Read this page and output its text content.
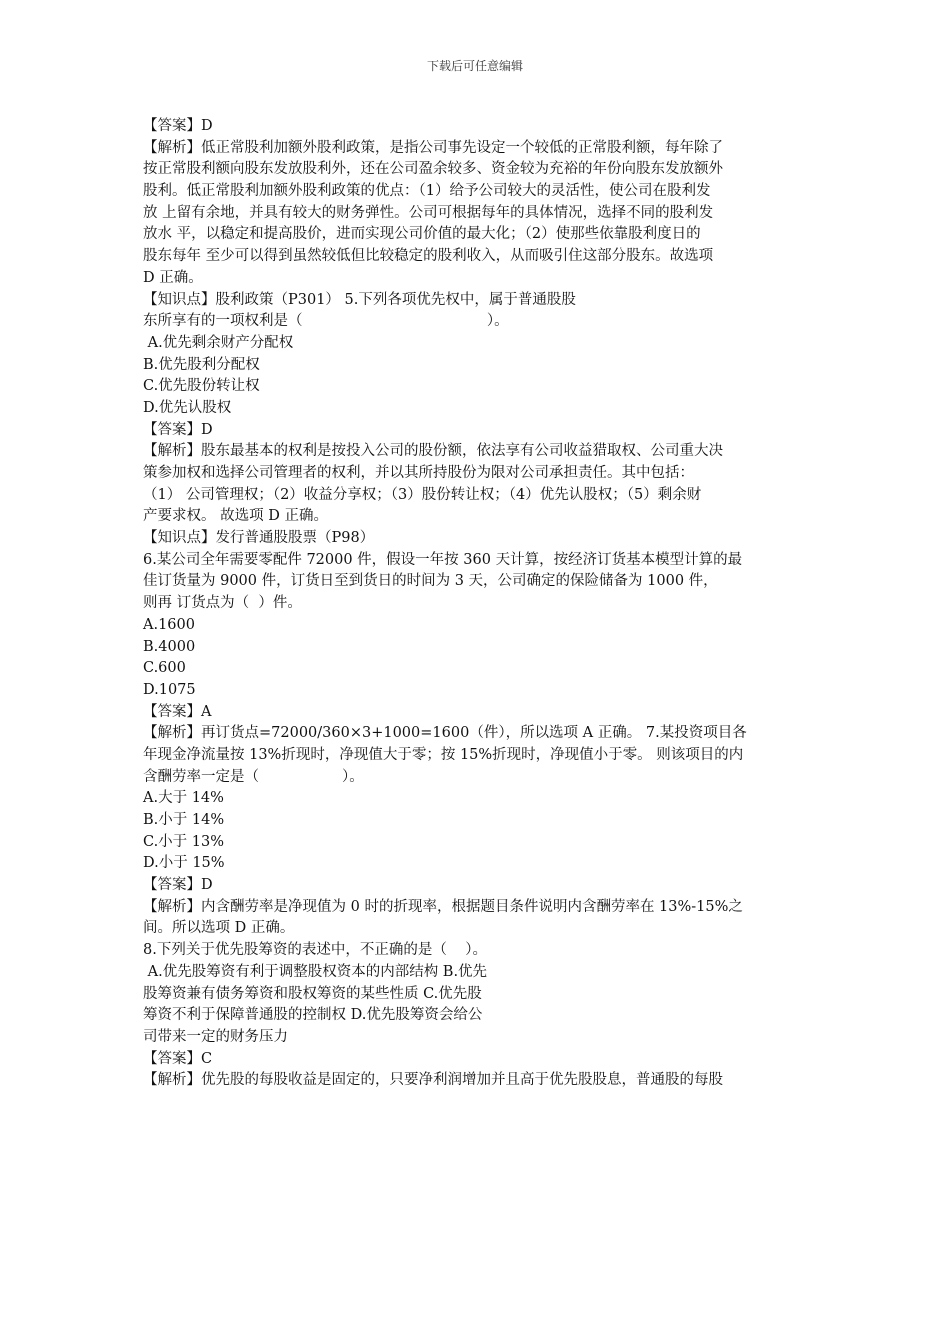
下载后可任意编辑
【答案】D
【解析】低正常股利加额外股利政策，是指公司事先设定一个较低的正常股利额，每年除了
按正常股利额向股东发放股利外，还在公司盈余较多、资金较为充裕的年份向股东发放额外
股利。低正常股利加额外股利政策的优点：（1）给予公司较大的灵活性，使公司在股利发
放 上留有余地，并具有较大的财务弹性。公司可根据每年的具体情况，选择不同的股利发
放水 平，以稳定和提高股价，进而实现公司价值的最大化；（2）使那些依靠股利度日的
股东每年 至少可以得到虽然较低但比较稳定的股利收入，从而吸引住这部分股东。故选项
D 正确。
【知识点】股利政策（P301） 5.下列各项优先权中，属于普通股股
东所享有的一项权利是（                                        ）。
A.优先剩余财产分配权
B.优先股利分配权
C.优先股份转让权
D.优先认股权
【答案】D
【解析】股东最基本的权利是按投入公司的股份额，依法享有公司收益猎取权、公司重大决
策参加权和选择公司管理者的权利，并以其所持股份为限对公司承担责任。其中包括：
（1） 公司管理权；（2）收益分享权；（3）股份转让权；（4）优先认股权；（5）剩余财
产要求权。 故选项 D 正确。
【知识点】发行普通股股票（P98）
6.某公司全年需要零配件 72000 件，假设一年按 360 天计算，按经济订货基本模型计算的最
佳订货量为 9000 件，订货日至到货日的时间为 3 天，公司确定的保险储备为 1000 件，
则再 订货点为（  ）件。
A.1600
B.4000
C.600
D.1075
【答案】A
【解析】再订货点=72000/360×3+1000=1600（件），所以选项 A 正确。 7.某投资项目各
年现金净流量按 13%折现时，净现值大于零；按 15%折现时，净现值小于零。 则该项目的内
含酬劳率一定是（                  ）。
A.大于 14%
B.小于 14%
C.小于 13%
D.小于 15%
【答案】D
【解析】内含酬劳率是净现值为 0 时的折现率，根据题目条件说明内含酬劳率在 13%-15%之
间。所以选项 D 正确。
8.下列关于优先股筹资的表述中，不正确的是（    ）。
A.优先股筹资有利于调整股权资本的内部结构 B.优先
股筹资兼有债务筹资和股权筹资的某些性质 C.优先股
筹资不利于保障普通股的控制权 D.优先股筹资会给公
司带来一定的财务压力
【答案】C
【解析】优先股的每股收益是固定的，只要净利润增加并且高于优先股股息，普通股的每股
